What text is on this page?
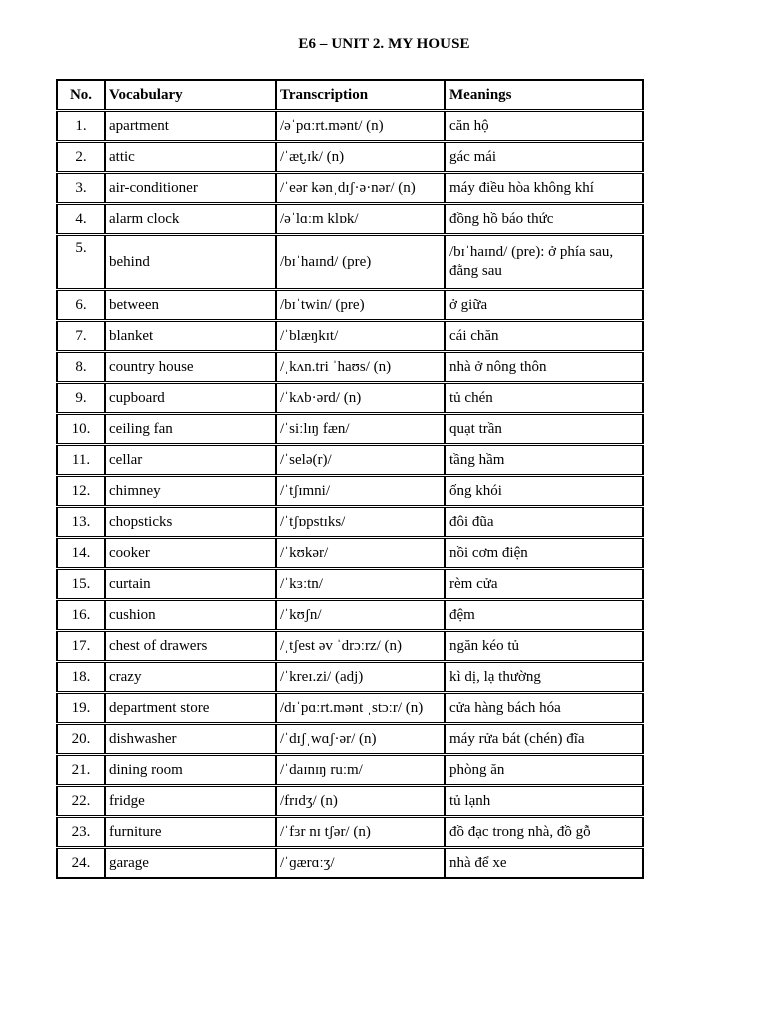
E6 – UNIT 2. MY HOUSE
No.	Vocabulary	Transcription	Meanings
1.	apartment	/əˈpɑːrt.mənt/ (n)	căn hộ
2.	attic	/ˈæt̬.ɪk/ (n)	gác mái
3.	air-conditioner	/ˈeər kənˌdɪʃ·ə·nər/ (n)	máy điều hòa không khí
4.	alarm clock	/əˈlɑːm klɒk/	đồng hồ báo thức
5.	behind	/bɪˈhaɪnd/ (pre)	/bɪˈhaɪnd/ (pre): ở phía sau, đằng sau
6.	between	/bɪˈtwin/ (pre)	ở giữa
7.	blanket	/ˈblæŋkɪt/	cái chăn
8.	country house	/ˌkʌn.tri ˈhaʊs/ (n)	nhà ở nông thôn
9.	cupboard	/ˈkʌb·ərd/ (n)	tủ chén
10.	ceiling fan	/ˈsiːlɪŋ fæn/	quạt trần
11.	cellar	/ˈselə(r)/	tầng hầm
12.	chimney	/ˈtʃɪmni/	ống khói
13.	chopsticks	/ˈtʃɒpstɪks/	đôi đũa
14.	cooker	/ˈkʊkər/	nồi cơm điện
15.	curtain	/ˈkɜːtn/	rèm cửa
16.	cushion	/ˈkʊʃn/	đệm
17.	chest of drawers	/ˌtʃest əv ˈdrɔːrz/ (n)	ngăn kéo tủ
18.	crazy	/ˈkreɪ.zi/ (adj)	kì dị, lạ thường
19.	department store	/dɪˈpɑːrt.mənt ˌstɔːr/ (n)	cửa hàng bách hóa
20.	dishwasher	/ˈdɪʃˌwɑʃ·ər/ (n)	máy rửa bát (chén) đĩa
21.	dining room	/ˈdaɪnɪŋ ruːm/	phòng ăn
22.	fridge	/frɪdʒ/ (n)	tủ lạnh
23.	furniture	/ˈfɜr nɪ tʃər/ (n)	đồ đạc trong nhà, đồ gỗ
24.	garage	/ˈɡærɑːʒ/	nhà để xe
